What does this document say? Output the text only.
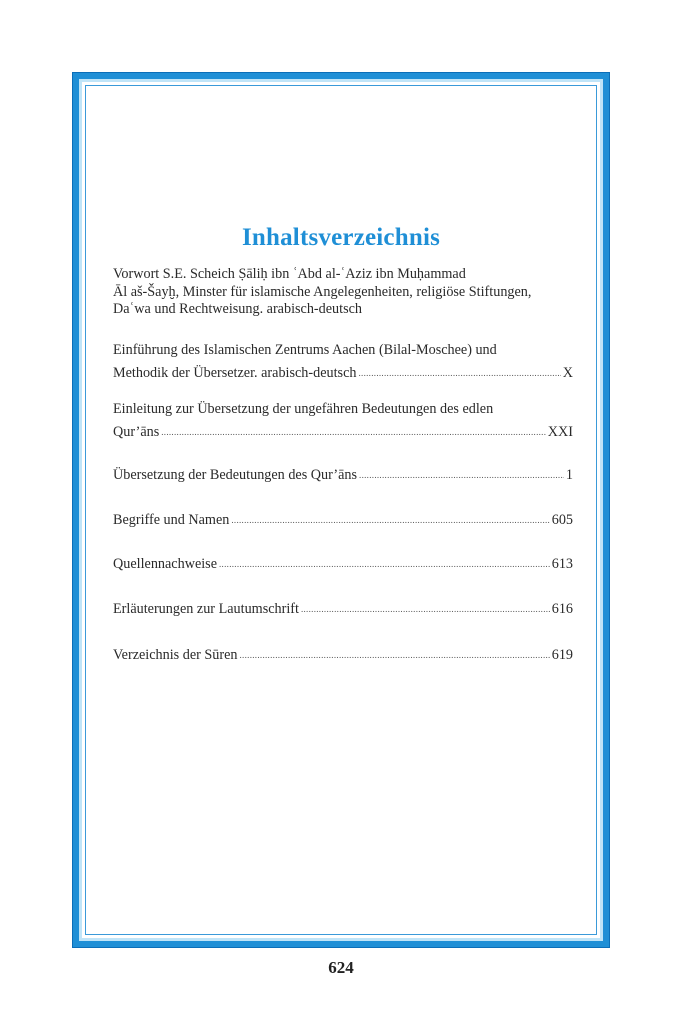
Inhaltsverzeichnis
Vorwort S.E. Scheich Ṣāliḥ ibn ʿAbd al-ʿAziz ibn Muḥammad
Āl aš-Šayḫ, Minster für islamische Angelegenheiten, religiöse Stiftungen,
Daʿwa und Rechtweisung. arabisch-deutsch
Einführung des Islamischen Zentrums Aachen (Bilal-Moschee) und
Methodik der Übersetzer. arabisch-deutsch .....	X
Einleitung zur Übersetzung der ungefähren Bedeutungen des edlen
Qur’āns .....	XXI
Übersetzung der Bedeutungen des Qur’āns .....	1
Begriffe und Namen .....	605
Quellennachweise .....	613
Erläuterungen zur Lautumschrift .....	616
Verzeichnis der Sūren .....	619
624
